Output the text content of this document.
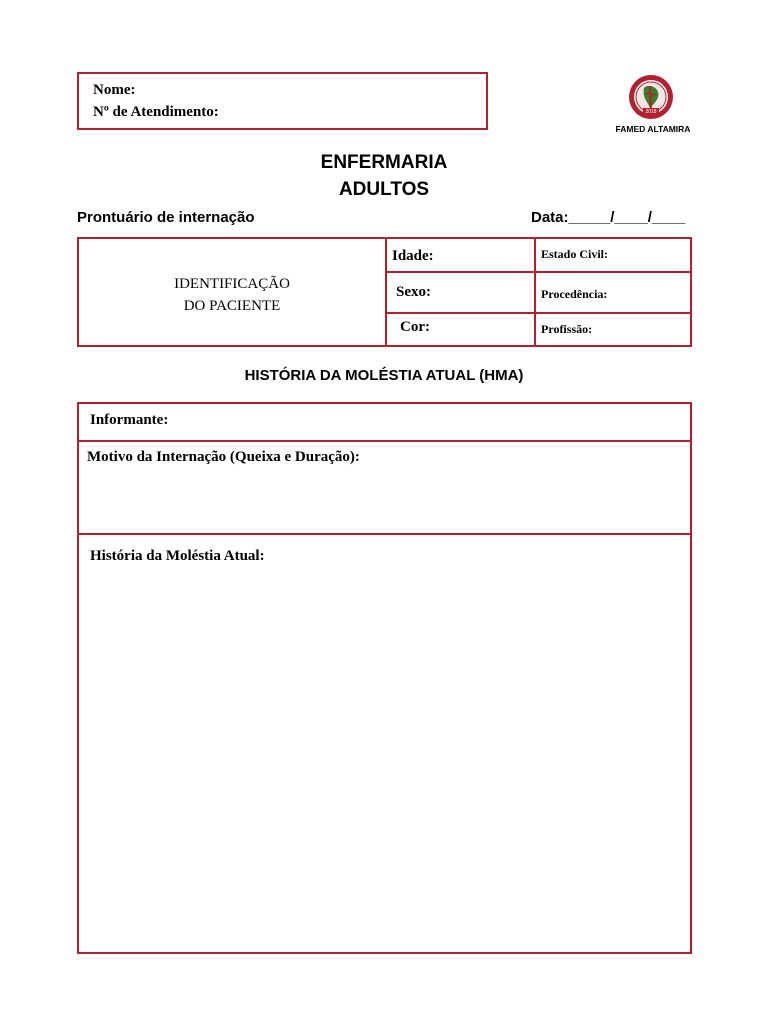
Nome:
Nº de Atendimento:	2018
FAMED ALTAMIRA
ENFERMARIA
ADULTOS
Prontuário de internação	Data:_____/____/____
IDENTIFICAÇÃO
DO PACIENTE
Idade:
Sexo:
Cor:
Estado Civil:
Procedência:
Profissão:
HISTÓRIA DA MOLÉSTIA ATUAL (HMA)
Informante:
Motivo da Internação (Queixa e Duração):
História da Moléstia Atual:
